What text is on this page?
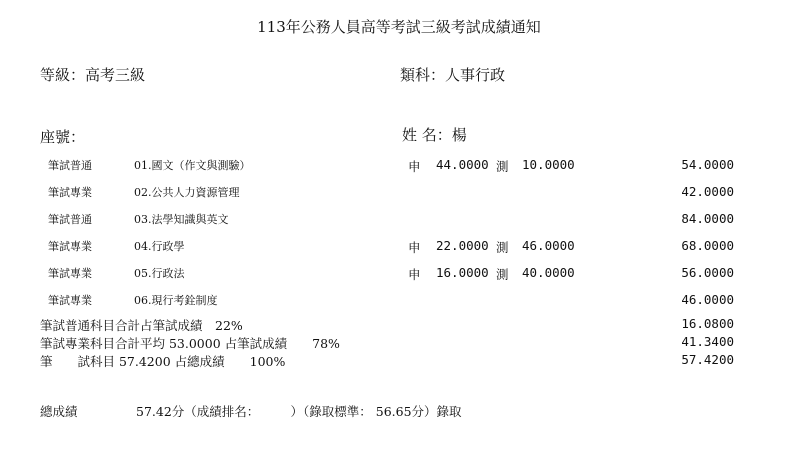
113年公務人員高等考試三級考試成績通知
等級：高考三級	類科：人事行政
座號：	姓 名：楊
筆試普通	01.國文（作文與測驗）	申 44.0000 測 10.0000	54.0000
筆試專業	02.公共人力資源管理	42.0000
筆試普通	03.法學知識與英文	84.0000
筆試專業	04.行政學	申 22.0000 測 46.0000	68.0000
筆試專業	05.行政法	申 16.0000 測 40.0000	56.0000
筆試專業	06.現行考銓制度	46.0000
筆試普通科目合計占筆試成績　22%	16.0800
筆試專業科目合計平均 53.0000 占筆試成績　　78%	41.3400
筆　　試科目 57.4200 占總成績　　100%	57.4200
總成績	57.42分（成績排名：　　　）（錄取標準： 56.65分）錄取
